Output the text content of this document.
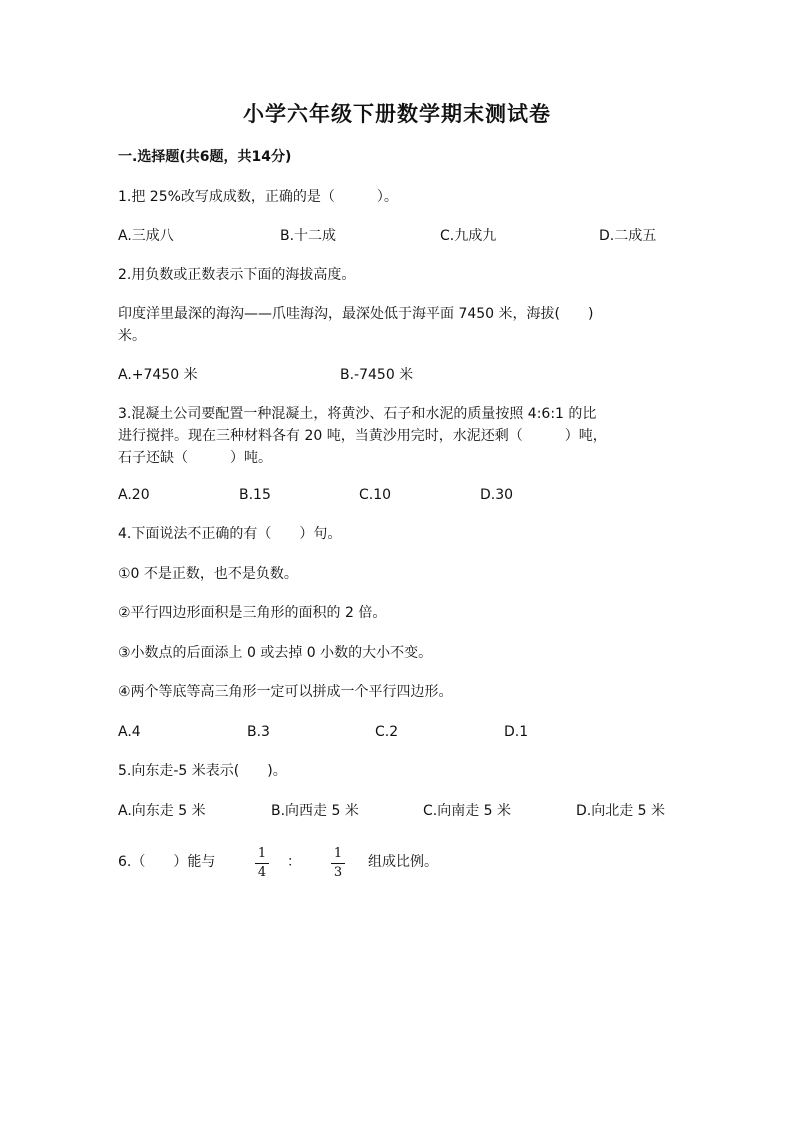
小学六年级下册数学期末测试卷
一.选择题(共6题，共14分)
1.把 25%改写成成数，正确的是（　　　）。
A.三成八	B.十二成	C.九成九	D.二成五
2.用负数或正数表示下面的海拔高度。
印度洋里最深的海沟——爪哇海沟，最深处低于海平面 7450 米，海拔(　　)
米。
A.+7450 米	B.-7450 米
3.混凝土公司要配置一种混凝土，将黄沙、石子和水泥的质量按照 4:6:1 的比
进行搅拌。现在三种材料各有 20 吨，当黄沙用完时，水泥还剩（　　　）吨，
石子还缺（　　　）吨。
A.20	B.15	C.10	D.30
4.下面说法不正确的有（　　）句。
①0 不是正数，也不是负数。
②平行四边形面积是三角形的面积的 2 倍。
③小数点的后面添上 0 或去掉 0 小数的大小不变。
④两个等底等高三角形一定可以拼成一个平行四边形。
A.4	B.3	C.2	D.1
5.向东走-5 米表示(　　)。
A.向东走 5 米	B.向西走 5 米	C.向南走 5 米	D.向北走 5 米
6.（　　）能与
1
4
：
1
3
组成比例。
